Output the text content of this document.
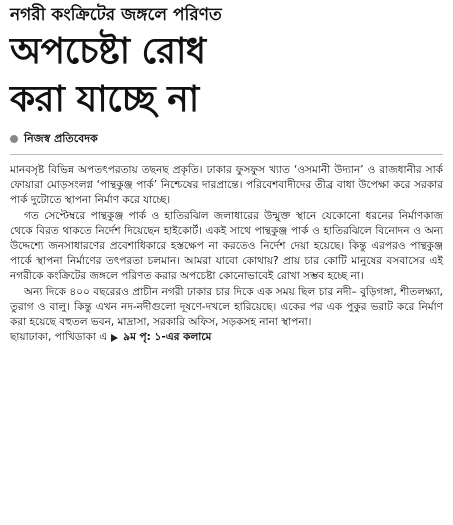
নগরী কংক্রিটের জঙ্গলে পরিণত
অপচেষ্টা রোধ
করা যাচ্ছে না
নিজস্ব প্রতিবেদক

মানবসৃষ্ট বিভিন্ন অপতৎপরতায় তছনছ প্রকৃতি। ঢাকার ফুসফুস খ্যাত ‘ওসমানী উদ্যান’ ও রাজধানীর সার্ক ফোয়ারা মোড়সংলগ্ন ‘পান্থকুঞ্জ পার্ক’ নিশ্চেষের দারপ্রান্তে। পরিবেশবাদীদের তীব্র বাধা উপেক্ষা করে সরকার পার্ক দুটোতে স্থাপনা নির্মাণ করে যাচ্ছে।

গত সেপ্টেম্বরে পান্থকুঞ্জ পার্ক ও হাতিরঝিল জলাধারের উন্মুক্ত স্থানে যেকোনো ধরনের নির্মাণকাজ থেকে বিরত থাকতে নির্দেশ দিয়েছেন হাইকোর্ট। একই সাথে পান্থকুঞ্জ পার্ক ও হাতিরঝিলে বিনোদন ও অন্য উদ্দেশ্যে জনসাধারণের প্রবেশাধিকারে হস্তক্ষেপ না করতেও নির্দেশ দেয়া হয়েছে। কিন্তু এরপরও পান্থকুঞ্জ পার্কে স্থাপনা নির্মাণের তৎপরতা চলমান। আমরা যাবো কোথায়? প্রায় চার কোটি মানুষের বসবাসের এই নগরীকে কংক্রিটের জঙ্গলে পরিণত করার অপচেষ্টা কোনোভাবেই রোখা সম্ভব হচ্ছে না।

অন্য দিকে ৪০০ বছরেরও প্রাচীন নগরী ঢাকার চার দিকে এক সময় ছিল চার নদী– বুড়িগঙ্গা, শীতলক্ষ্যা, তুরাগ ও বালু। কিন্তু এখন নদ-নদীগুলো দূষণে-দখলে হারিয়েছে। একের পর এক পুকুর ভরাট করে নির্মাণ করা হয়েছে বহুতল ভবন, মাদ্রাসা, সরকারি অফিস, সড়কসহ নানা স্থাপনা।

ছায়াঢাকা, পাখিডাকা এ ৯ম পৃ: ১-এর কলামে
